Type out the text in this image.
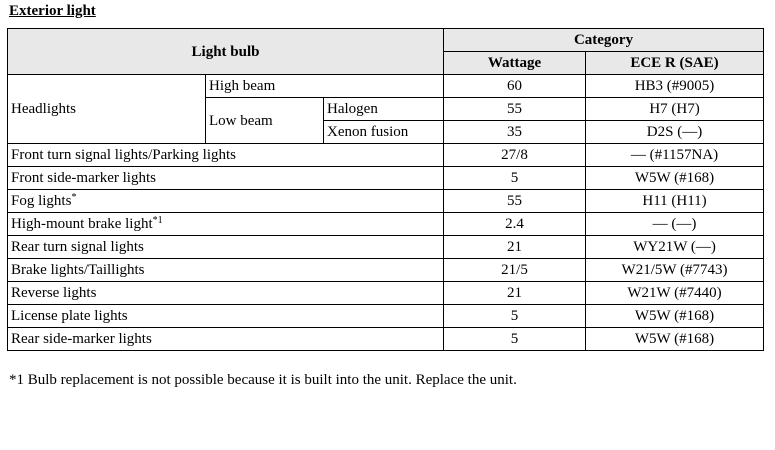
Exterior light
Light bulb			Category	
			Wattage	ECE R (SAE)
Headlights	High beam		60	HB3 (#9005)
	Low beam	Halogen	55	H7 (H7)
		Xenon fusion	35	D2S (—)
Front turn signal lights/Parking lights			27/8	— (#1157NA)
Front side-marker lights			5	W5W (#168)
Fog lights*			55	H11 (H11)
High-mount brake light$^{*1}$			2.4	— (—)
Rear turn signal lights			21	WY21W (—)
Brake lights/Taillights			21/5	W21/5W (#7743)
Reverse lights			21	W21W (#7440)
License plate lights			5	W5W (#168)
Rear side-marker lights			5	W5W (#168)
*1 Bulb replacement is not possible because it is built into the unit. Replace the unit.
